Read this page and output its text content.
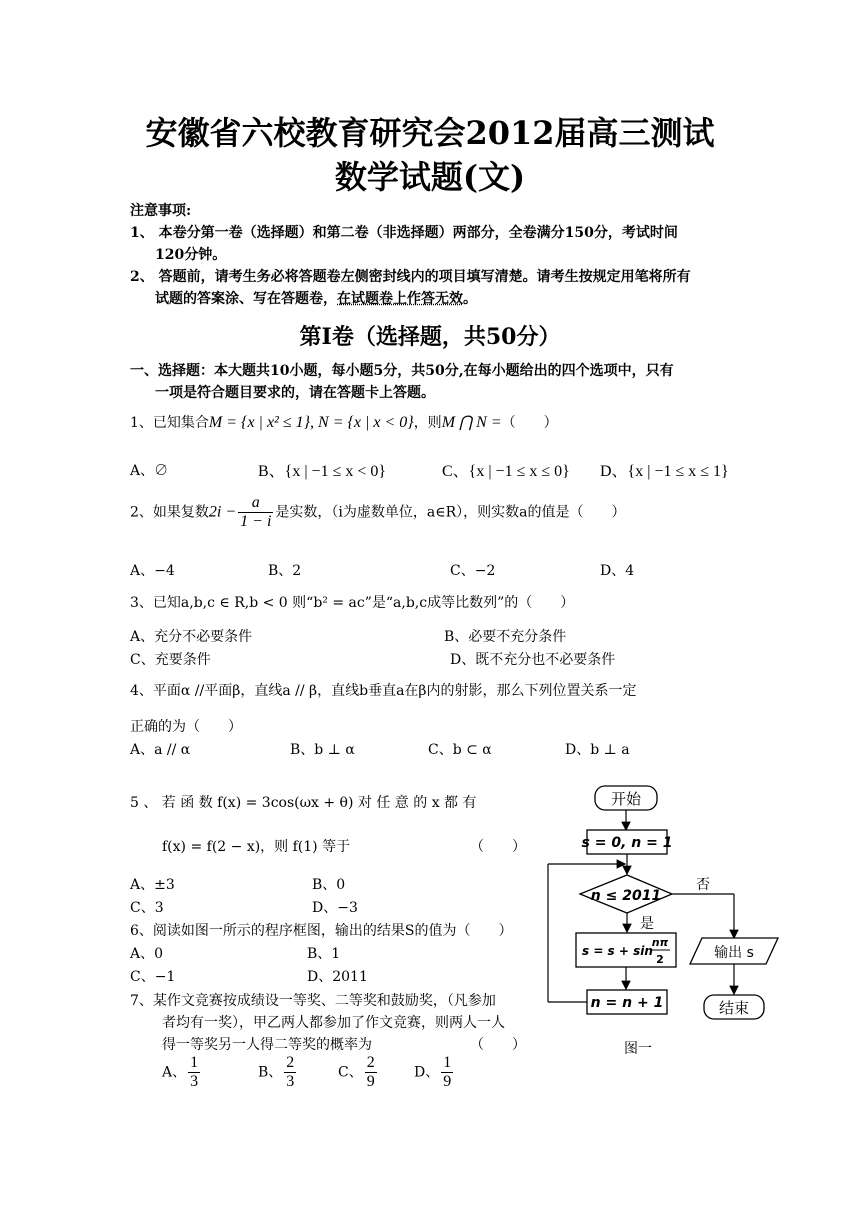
安徽省六校教育研究会2012届高三测试
数学试题(文)
注意事项:
1、 本卷分第一卷（选择题）和第二卷（非选择题）两部分，全卷满分150分，考试时间
120分钟。
2、 答题前，请考生务必将答题卷左侧密封线内的项目填写清楚。请考生按规定用笔将所有
试题的答案涂、写在答题卷，在试题卷上作答无效。
第Ⅰ卷（选择题，共50分）
一、选择题：本大题共10小题，每小题5分，共50分,在每小题给出的四个选项中，只有
一项是符合题目要求的，请在答题卡上答题。
1、已知集合M = {x | x² ≤ 1}, N = {x | x < 0}，则M ⋂ N =（　　）
A、∅	B、{x | −1 ≤ x < 0}	C、{x | −1 ≤ x ≤ 0} D、{x | −1 ≤ x ≤ 1}
2、如果复数$2i - \frac{a}{1 - i}$ 是实数，（i为虚数单位，a∈R），则实数a的值是（　　）
A、−4	B、2	C、−2	D、4
3、已知a,b,c ∈ R,b < 0 则“b² = ac”是“a,b,c成等比数列”的（　　）
A、充分不必要条件	B、必要不充分条件
C、充要条件	D、既不充分也不必要条件
4、平面α //平面β，直线a // β，直线b垂直a在β内的射影，那么下列位置关系一定
正确的为（　　）
A、a // α	B、b ⊥ α	C、b ⊂ α	D、b ⊥ a
5 、 若 函 数 f(x) = 3cos(ωx + θ) 对 任 意 的 x 都 有
f(x) = f(2 − x)，则 f(1) 等于	（　　）
A、±3	B、0
C、3	D、−3
6、阅读如图一所示的程序框图，输出的结果S的值为（　　）
A、0	B、1
C、−1	D、2011
7、某作文竞赛按成绩设一等奖、二等奖和鼓励奖，（凡参加
者均有一奖），甲乙两人都参加了作文竞赛，则两人一人
得一等奖另一人得二等奖的概率为	（　　）
A、 $\frac{1}{3}$	B、 $\frac{2}{3}$	C、 $\frac{2}{9}$	D、 $\frac{1}{9}$
开始
s = 0, n = 1
n ≤ 2011
否
是
s = s + sin
nπ
2
n = n + 1
输出 s
结束
图一
